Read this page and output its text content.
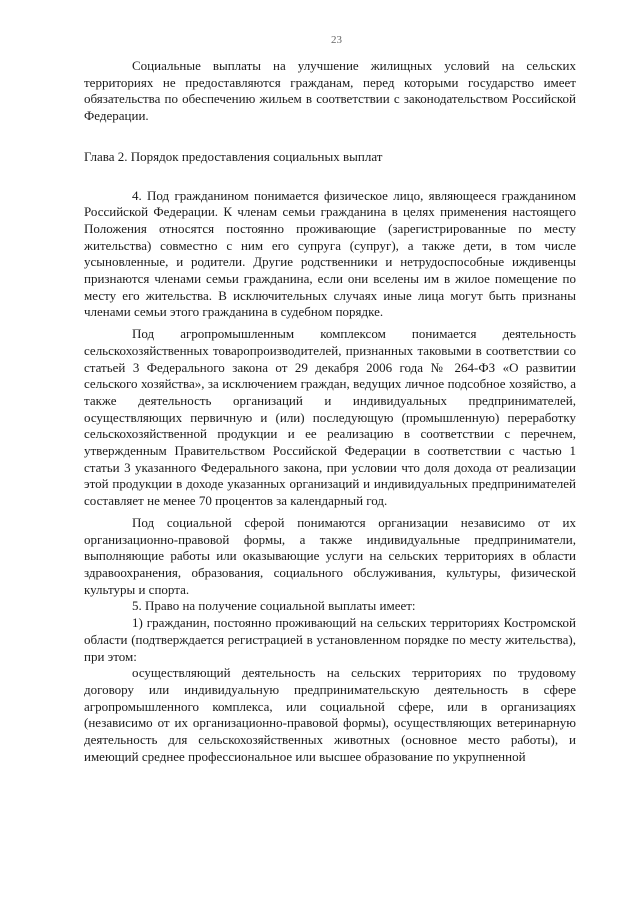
23

Социальные выплаты на улучшение жилищных условий на сельских территориях не предоставляются гражданам, перед которыми государство имеет обязательства по обеспечению жильем в соответствии с законодательством Российской Федерации.

Глава 2. Порядок предоставления социальных выплат

4. Под гражданином понимается физическое лицо, являющееся гражданином Российской Федерации. К членам семьи гражданина в целях применения настоящего Положения относятся постоянно проживающие (зарегистрированные по месту жительства) совместно с ним его супруга (супруг), а также дети, в том числе усыновленные, и родители. Другие родственники и нетрудоспособные иждивенцы признаются членами семьи гражданина, если они вселены им в жилое помещение по месту его жительства. В исключительных случаях иные лица могут быть признаны членами семьи этого гражданина в судебном порядке.

Под агропромышленным комплексом понимается деятельность сельскохозяйственных товаропроизводителей, признанных таковыми в соответствии со статьей 3 Федерального закона от 29 декабря 2006 года № 264-ФЗ «О развитии сельского хозяйства», за исключением граждан, ведущих личное подсобное хозяйство, а также деятельность организаций и индивидуальных предпринимателей, осуществляющих первичную и (или) последующую (промышленную) переработку сельскохозяйственной продукции и ее реализацию в соответствии с перечнем, утвержденным Правительством Российской Федерации в соответствии с частью 1 статьи 3 указанного Федерального закона, при условии что доля дохода от реализации этой продукции в доходе указанных организаций и индивидуальных предпринимателей составляет не менее 70 процентов за календарный год.

Под социальной сферой понимаются организации независимо от их организационно-правовой формы, а также индивидуальные предприниматели, выполняющие работы или оказывающие услуги на сельских территориях в области здравоохранения, образования, социального обслуживания, культуры, физической культуры и спорта.

5. Право на получение социальной выплаты имеет:

1) гражданин, постоянно проживающий на сельских территориях Костромской области (подтверждается регистрацией в установленном порядке по месту жительства), при этом:

осуществляющий деятельность на сельских территориях по трудовому договору или индивидуальную предпринимательскую деятельность в сфере агропромышленного комплекса, или социальной сфере, или в организациях (независимо от их организационно-правовой формы), осуществляющих ветеринарную деятельность для сельскохозяйственных животных (основное место работы), и имеющий среднее профессиональное или высшее образование по укрупненной
